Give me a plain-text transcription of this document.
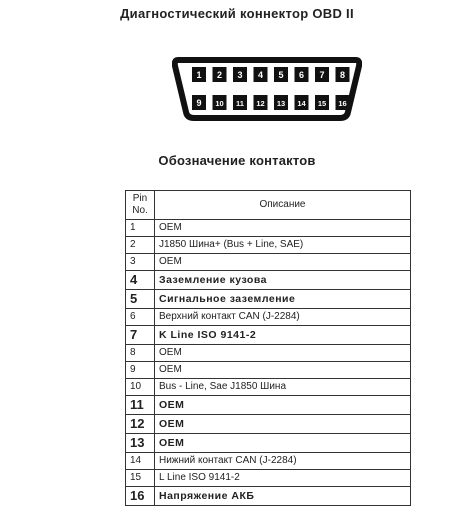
Диагностический коннектор OBD II
1 2 3 4 5 6 7 8
9 10 11 12 13 14 15 16
Обозначение контактов
Pin
No.	Описание
1	OEM
2	J1850 Шина+ (Bus + Line, SAE)
3	OEM
4	Заземление кузова
5	Сигнальное заземление
6	Верхний контакт CAN (J-2284)
7	K Line ISO 9141-2
8	OEM
9	OEM
10	Bus - Line, Sae J1850 Шина
11	OEM
12	OEM
13	OEM
14	Нижний контакт CAN (J-2284)
15	L Line ISO 9141-2
16	Напряжение АКБ
